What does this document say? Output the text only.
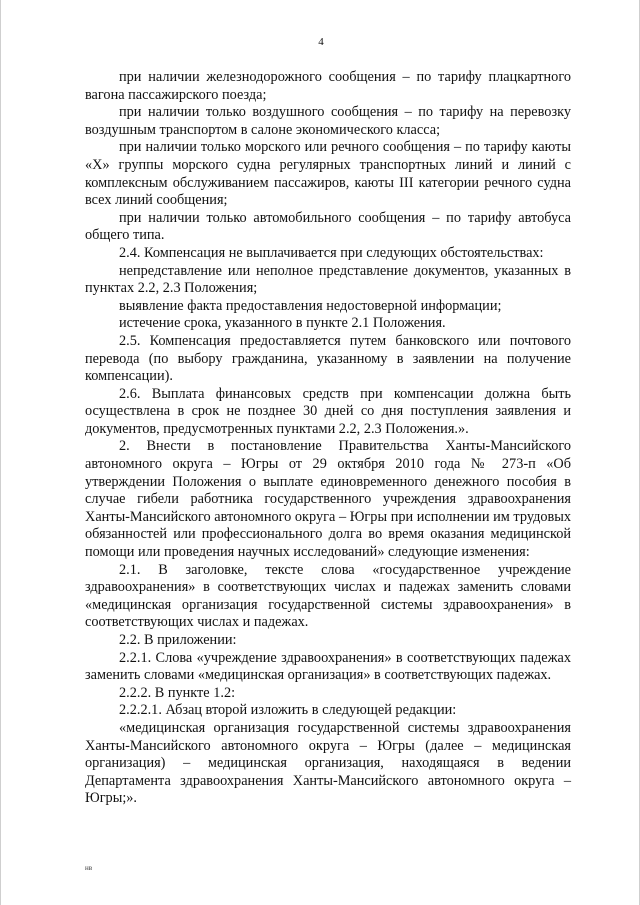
4

при наличии железнодорожного сообщения – по тарифу плацкартного вагона пассажирского поезда;

при наличии только воздушного сообщения – по тарифу на перевозку воздушным транспортом в салоне экономического класса;

при наличии только морского или речного сообщения – по тарифу каюты «X» группы морского судна регулярных транспортных линий и линий с комплексным обслуживанием пассажиров, каюты III категории речного судна всех линий сообщения;

при наличии только автомобильного сообщения – по тарифу автобуса общего типа.

2.4. Компенсация не выплачивается при следующих обстоятельствах:

непредставление или неполное представление документов, указанных в пунктах 2.2, 2.3 Положения;

выявление факта предоставления недостоверной информации;

истечение срока, указанного в пункте 2.1 Положения.

2.5. Компенсация предоставляется путем банковского или почтового перевода (по выбору гражданина, указанному в заявлении на получение компенсации).

2.6. Выплата финансовых средств при компенсации должна быть осуществлена в срок не позднее 30 дней со дня поступления заявления и документов, предусмотренных пунктами 2.2, 2.3 Положения.».

2. Внести в постановление Правительства Ханты-Мансийского автономного округа – Югры от 29 октября 2010 года № 273-п «Об утверждении Положения о выплате единовременного денежного пособия в случае гибели работника государственного учреждения здравоохранения Ханты-Мансийского автономного округа – Югры при исполнении им трудовых обязанностей или профессионального долга во время оказания медицинской помощи или проведения научных исследований» следующие изменения:

2.1. В заголовке, тексте слова «государственное учреждение здравоохранения» в соответствующих числах и падежах заменить словами «медицинская организация государственной системы здравоохранения» в соответствующих числах и падежах.

2.2. В приложении:

2.2.1. Слова «учреждение здравоохранения» в соответствующих падежах заменить словами «медицинская организация» в соответствующих падежах.

2.2.2. В пункте 1.2:

2.2.2.1. Абзац второй изложить в следующей редакции:

«медицинская организация государственной системы здравоохранения Ханты-Мансийского автономного округа – Югры (далее – медицинская организация) – медицинская организация, находящаяся в ведении Департамента здравоохранения Ханты-Мансийского автономного округа – Югры;».

нв
